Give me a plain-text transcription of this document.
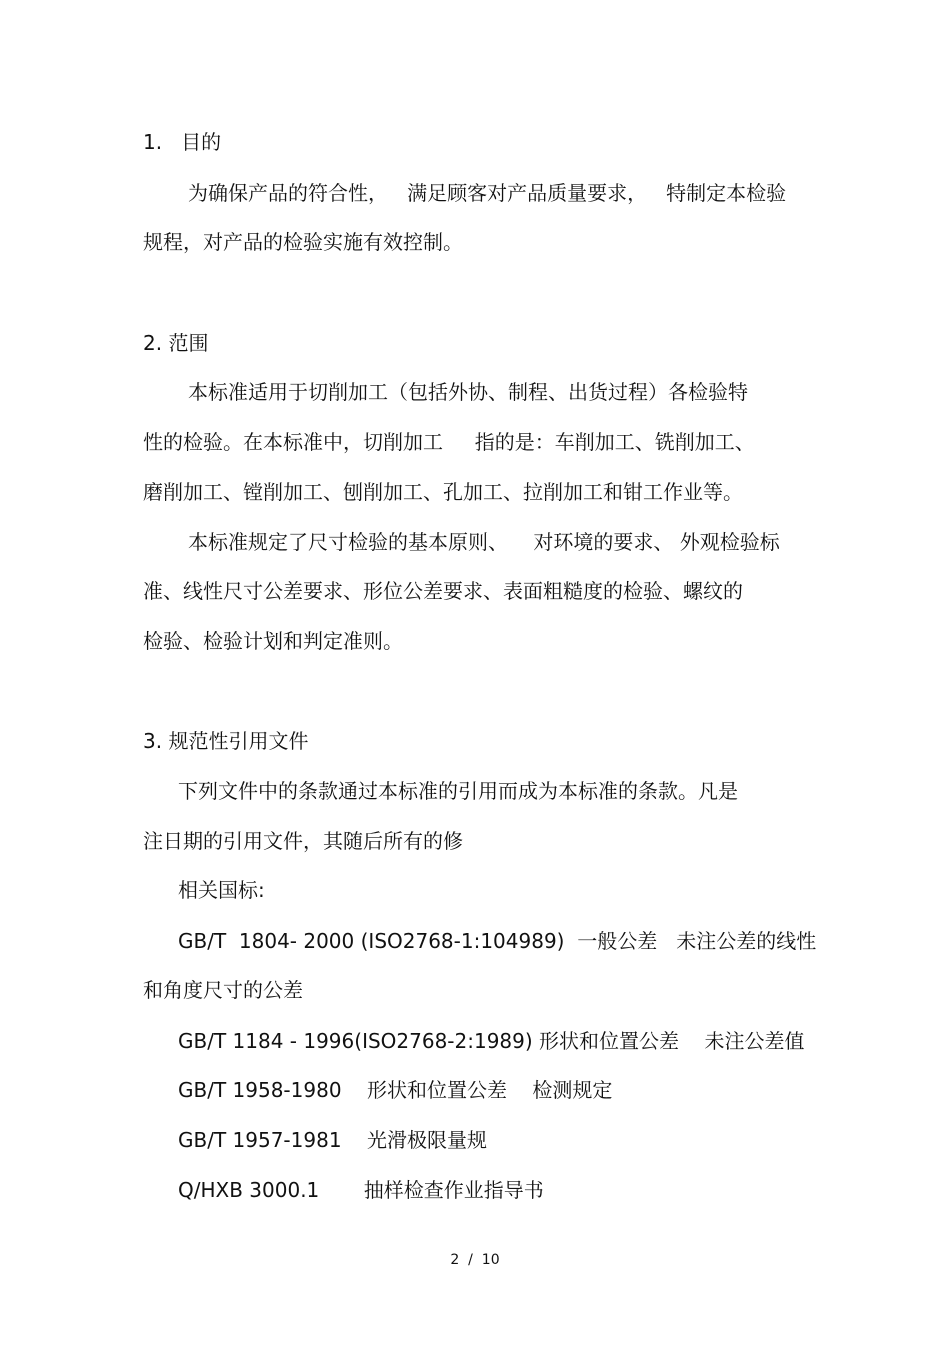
1.   目的

为确保产品的符合性，   满足顾客对产品质量要求，   特制定本检验

规程，对产品的检验实施有效控制。

2. 范围

本标准适用于切削加工（包括外协、制程、出货过程）各检验特

性的检验。在本标准中，切削加工     指的是：车削加工、铣削加工、

磨削加工、镗削加工、刨削加工、孔加工、拉削加工和钳工作业等。

本标准规定了尺寸检验的基本原则、    对环境的要求、 外观检验标

准、线性尺寸公差要求、形位公差要求、表面粗糙度的检验、螺纹的

检验、检验计划和判定准则。

3. 规范性引用文件

下列文件中的条款通过本标准的引用而成为本标准的条款。凡是

注日期的引用文件，其随后所有的修

相关国标:

GB/T  1804- 2000 (ISO2768-1:104989)  一般公差   未注公差的线性

和角度尺寸的公差

GB/T 1184 - 1996(ISO2768-2:1989) 形状和位置公差    未注公差值

GB/T 1958-1980    形状和位置公差    检测规定

GB/T 1957-1981    光滑极限量规

Q/HXB 3000.1       抽样检查作业指导书

2  /  10
